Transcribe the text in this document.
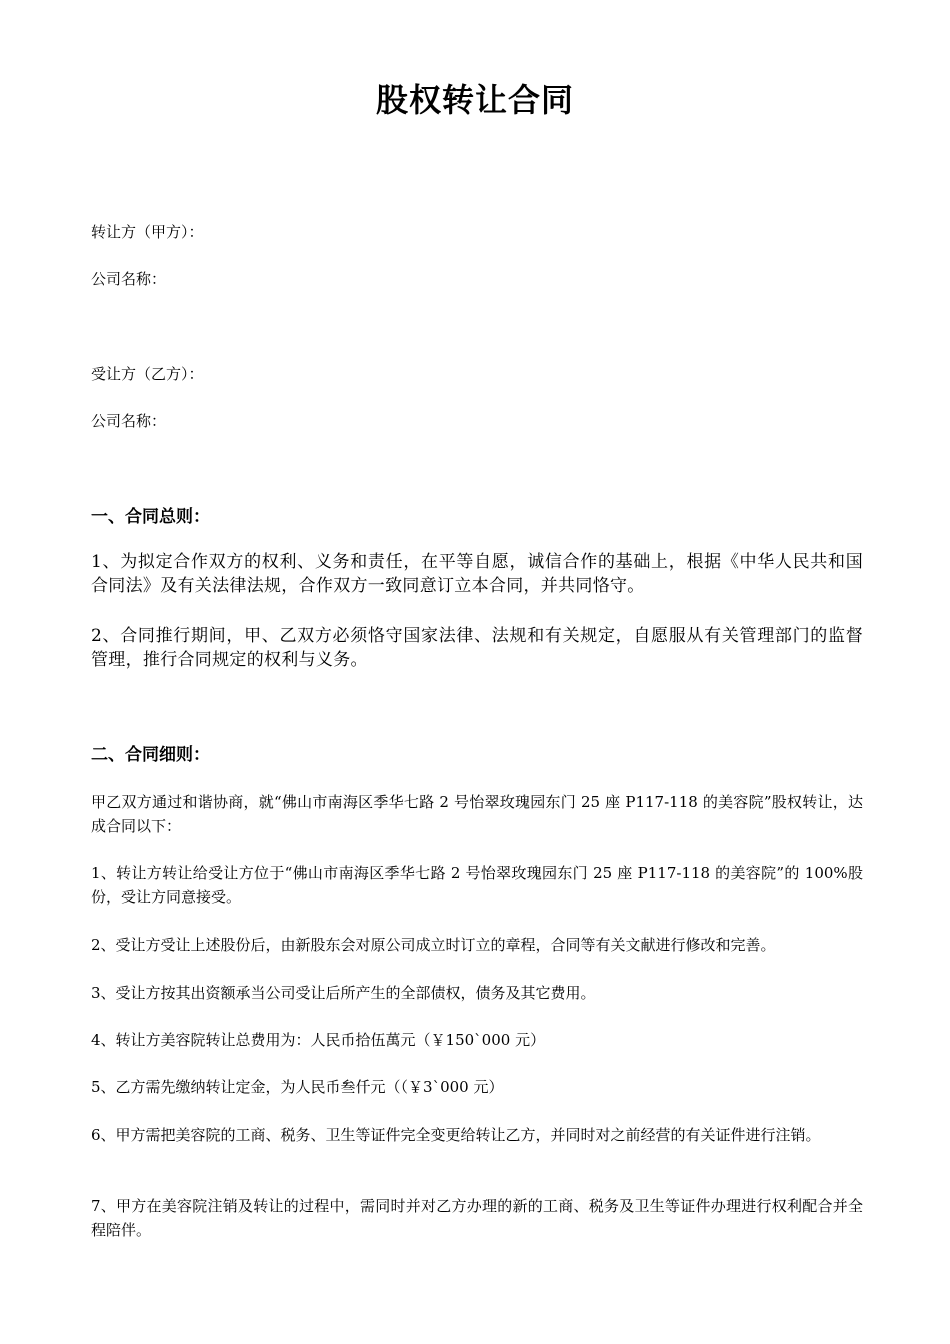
股权转让合同
转让方（甲方）：
公司名称：
受让方（乙方）：
公司名称：
一、合同总则：
1、为拟定合作双方的权利、义务和责任，在平等自愿，诚信合作的基础上，根据《中华人民共和国合同法》及有关法律法规，合作双方一致同意订立本合同，并共同恪守。
2、合同推行期间，甲、乙双方必须恪守国家法律、法规和有关规定，自愿服从有关管理部门的监督管理，推行合同规定的权利与义务。
二、合同细则：
甲乙双方通过和谐协商，就“佛山市南海区季华七路 2 号怡翠玫瑰园东门 25 座 P117-118 的美容院”股权转让，达成合同以下：
1、转让方转让给受让方位于“佛山市南海区季华七路 2 号怡翠玫瑰园东门 25 座 P117-118 的美容院”的 100%股份，受让方同意接受。
2、受让方受让上述股份后，由新股东会对原公司成立时订立的章程，合同等有关文献进行修改和完善。
3、受让方按其出资额承当公司受让后所产生的全部债权，债务及其它费用。
4、转让方美容院转让总费用为：人民币拾伍萬元（￥150`000 元）
5、乙方需先缴纳转让定金，为人民币叁仟元（（￥3`000 元）
6、甲方需把美容院的工商、税务、卫生等证件完全变更给转让乙方，并同时对之前经营的有关证件进行注销。
7、甲方在美容院注销及转让的过程中，需同时并对乙方办理的新的工商、税务及卫生等证件办理进行权利配合并全程陪伴。
